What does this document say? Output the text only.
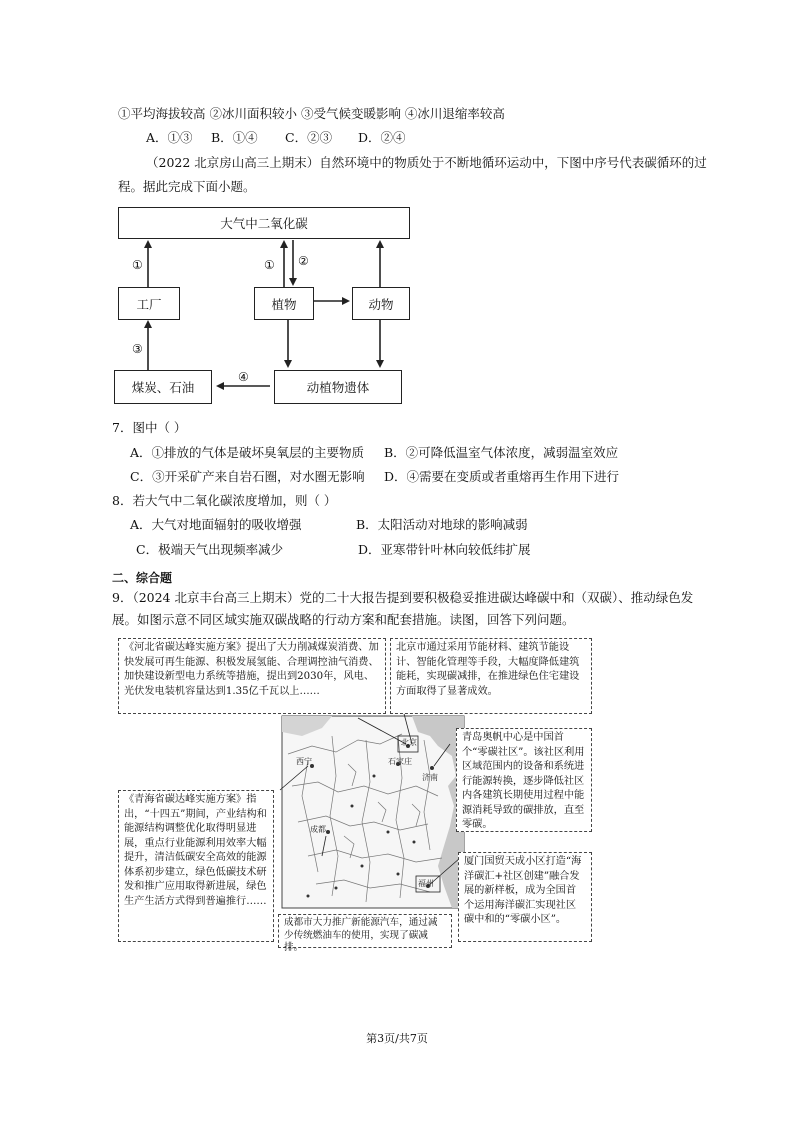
①平均海拔较高 ②冰川面积较小 ③受气候变暖影响 ④冰川退缩率较高
A．①③ B．①④ C．②③ D．②④
（2022 北京房山高三上期末）自然环境中的物质处于不断地循环运动中，下图中序号代表碳循环的过
程。据此完成下面小题。
大气中二氧化碳
工厂	植物	动物
煤炭、石油	动植物遗体
①	① ②
③
④
7．图中（ ）
A．①排放的气体是破坏臭氧层的主要物质 B．②可降低温室气体浓度，减弱温室效应
C．③开采矿产来自岩石圈，对水圈无影响 D．④需要在变质或者重熔再生作用下进行
8．若大气中二氧化碳浓度增加，则（ ）
A．大气对地面辐射的吸收增强	B．太阳活动对地球的影响减弱
C．极端天气出现频率减少	D．亚寒带针叶林向较低纬扩展
二、综合题
9．（2024 北京丰台高三上期末）党的二十大报告提到要积极稳妥推进碳达峰碳中和（双碳）、推动绿色发
展。如图示意不同区域实施双碳战略的行动方案和配套措施。读图，回答下列问题。
北京
石家庄
济南
西宁
成都
福州
《河北省碳达峰实施方案》提出了大力削减煤炭消费、加快发展可再生能源、积极发展氢能、合理调控油气消费、加快建设新型电力系统等措施，提出到2030年，风电、光伏发电装机容量达到1.35亿千瓦以上……
北京市通过采用节能材料、建筑节能设计、智能化管理等手段，大幅度降低建筑能耗，实现碳减排，在推进绿色住宅建设方面取得了显著成效。
青岛奥帆中心是中国首个“零碳社区”。该社区利用区域范围内的设备和系统进行能源转换，逐步降低社区内各建筑长期使用过程中能源消耗导致的碳排放，直至零碳。
《青海省碳达峰实施方案》指出，“十四五”期间，产业结构和能源结构调整优化取得明显进展，重点行业能源利用效率大幅提升，清洁低碳安全高效的能源体系初步建立，绿色低碳技术研发和推广应用取得新进展，绿色生产生活方式得到普遍推行……
成都市大力推广新能源汽车，通过减少传统燃油车的使用，实现了碳减排。
厦门国贸天成小区打造“海洋碳汇+社区创建”融合发展的新样板，成为全国首个运用海洋碳汇实现社区碳中和的“零碳小区”。
第3页/共7页
